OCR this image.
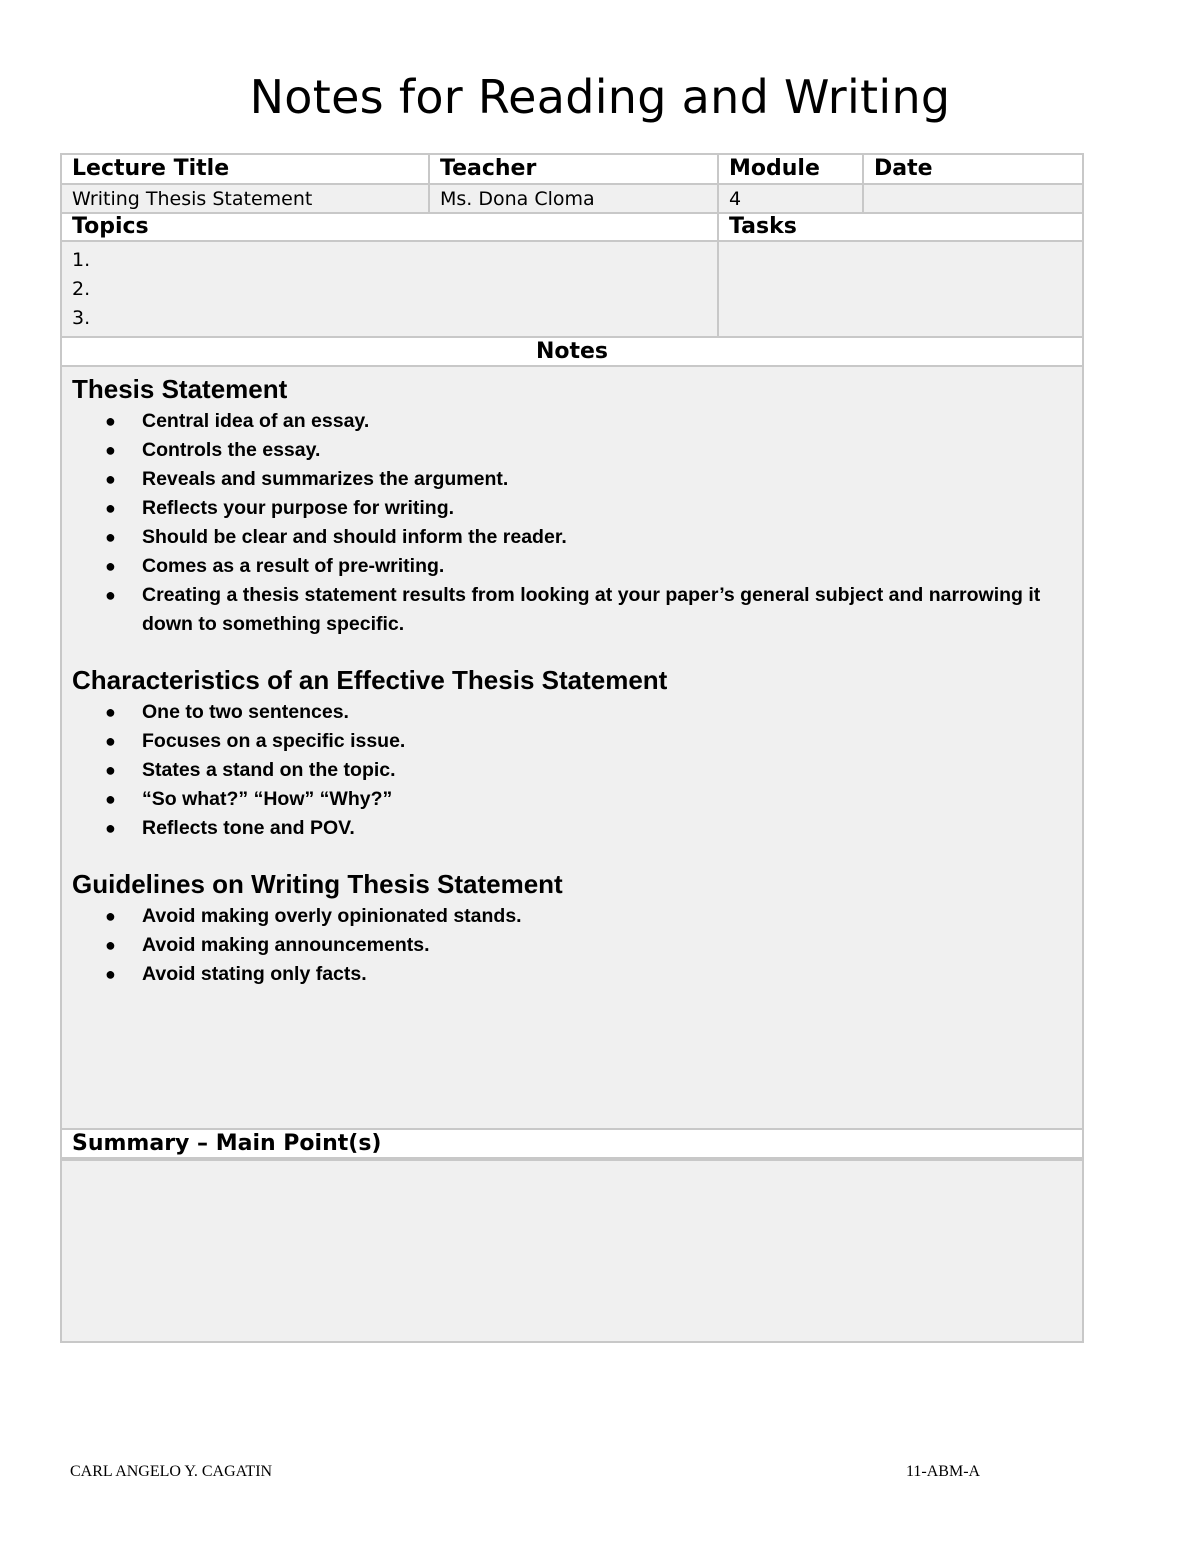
Notes for Reading and Writing
Lecture Title	Teacher	Module	Date
Writing Thesis Statement	Ms. Dona Cloma	4
Topics	Tasks
1.
2.
3.
Notes
Thesis Statement
● Central idea of an essay.
● Controls the essay.
● Reveals and summarizes the argument.
● Reflects your purpose for writing.
● Should be clear and should inform the reader.
● Comes as a result of pre-writing.
● Creating a thesis statement results from looking at your paper’s general subject and narrowing it down to something specific.
Characteristics of an Effective Thesis Statement
● One to two sentences.
● Focuses on a specific issue.
● States a stand on the topic.
● “So what?” “How” “Why?”
● Reflects tone and POV.
Guidelines on Writing Thesis Statement
● Avoid making overly opinionated stands.
● Avoid making announcements.
● Avoid stating only facts.
Summary – Main Point(s)
CARL ANGELO Y. CAGATIN	11-ABM-A
